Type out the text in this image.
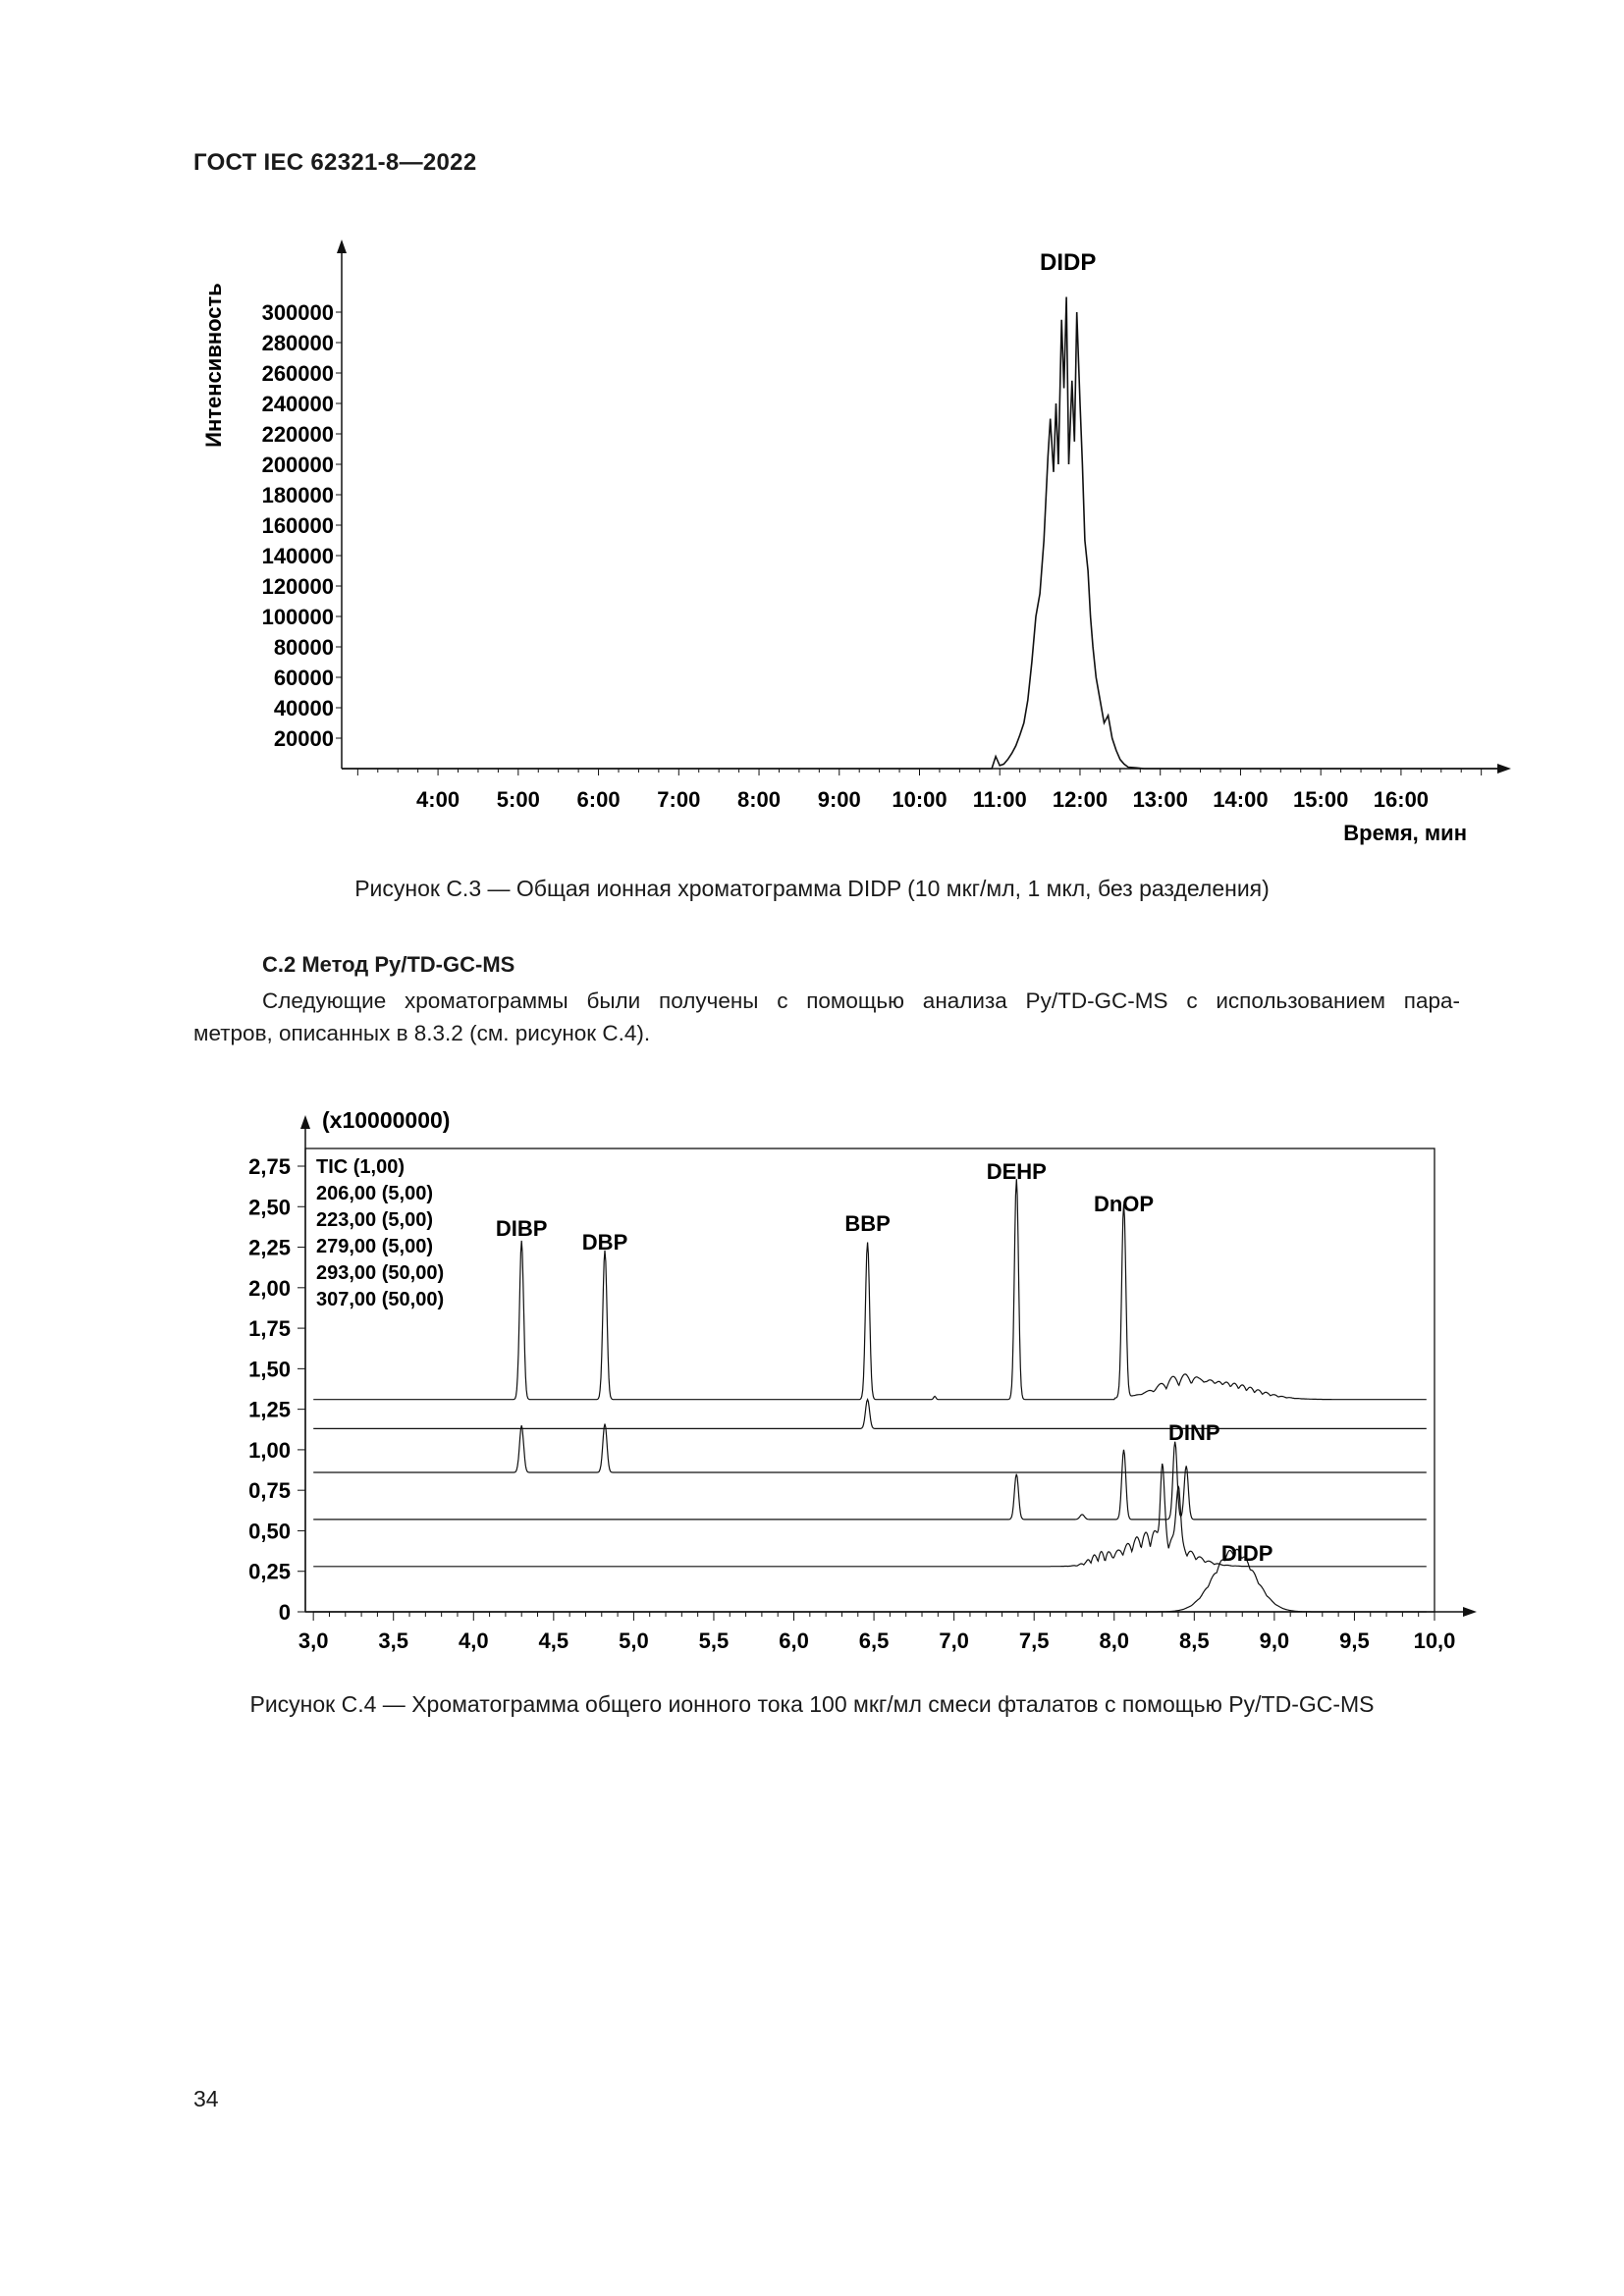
ГОСТ IEC 62321-8—2022
20000
40000
60000
80000
100000
120000
140000
160000
180000
200000
220000
240000
260000
280000
300000
4:00 5:00 6:00 7:00 8:00 9:00 10:00 11:00 12:00 13:00 14:00 15:00 16:00
Интенсивность
Время, мин
DIDP
Рисунок С.3 — Общая ионная хроматограмма DIDP (10 мкг/мл, 1 мкл, без разделения)
С.2 Метод Py/TD-GC-MS
Следующие хроматограммы были получены с помощью анализа Py/TD-GC-MS с использованием пара-
метров, описанных в 8.3.2 (см. рисунок С.4).
0
0,25
0,50
0,75
1,00
1,25
1,50
1,75
2,00
2,25
2,50
2,75
3,0 3,5 4,0 4,5 5,0 5,5 6,0 6,5 7,0 7,5 8,0 8,5 9,0 9,5 10,0
TIC (1,00)
206,00 (5,00)
223,00 (5,00)
279,00 (5,00)
293,00 (50,00)
307,00 (50,00)
DIBP
DBP
BBP
DEHP
DnOP
DINP
DIDP
(x10000000)
Рисунок С.4 — Хроматограмма общего ионного тока 100 мкг/мл смеси фталатов с помощью Py/TD-GC-MS
34
